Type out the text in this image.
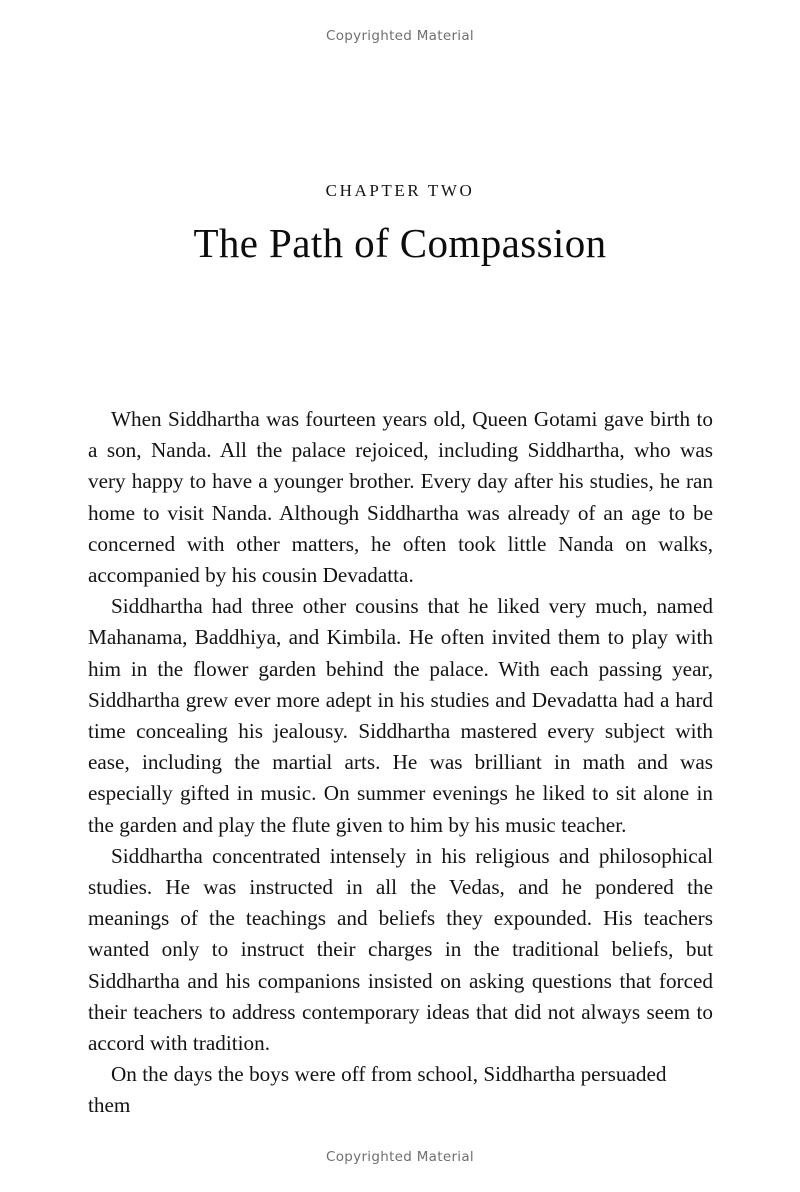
Copyrighted Material
CHAPTER TWO
The Path of Compassion

When Siddhartha was fourteen years old, Queen Gotami gave birth to a son, Nanda. All the palace rejoiced, including Siddhartha, who was very happy to have a younger brother. Every day after his studies, he ran home to visit Nanda. Although Siddhartha was already of an age to be concerned with other matters, he often took little Nanda on walks, accompanied by his cousin Devadatta.

Siddhartha had three other cousins that he liked very much, named Mahanama, Baddhiya, and Kimbila. He often invited them to play with him in the flower garden behind the palace. With each passing year, Siddhartha grew ever more adept in his studies and Devadatta had a hard time concealing his jealousy. Siddhartha mastered every subject with ease, including the martial arts. He was brilliant in math and was especially gifted in music. On summer evenings he liked to sit alone in the garden and play the flute given to him by his music teacher.

Siddhartha concentrated intensely in his religious and philosophical studies. He was instructed in all the Vedas, and he pondered the meanings of the teachings and beliefs they expounded. His teachers wanted only to instruct their charges in the traditional beliefs, but Siddhartha and his companions insisted on asking questions that forced their teachers to address contemporary ideas that did not always seem to accord with tradition.

On the days the boys were off from school, Siddhartha persuaded them

Copyrighted Material
